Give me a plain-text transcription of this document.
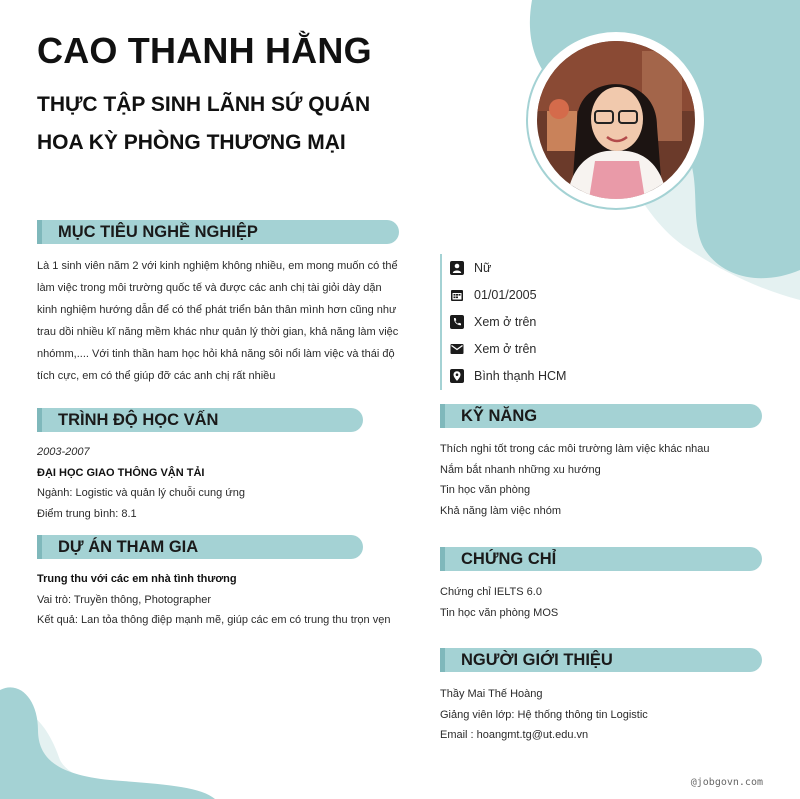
CAO THANH HẰNG
THỰC TẬP SINH LÃNH SỨ QUÁN
HOA KỲ PHÒNG THƯƠNG MẠI
MỤC TIÊU NGHỀ NGHIỆP
Là 1 sinh viên năm 2 với kinh nghiệm không nhiều, em mong muốn có thể
làm việc trong môi trường quốc tế và được các anh chị tài giỏi dày dặn
kinh nghiệm hướng dẫn để có thể phát triển bản thân mình hơn cũng như
trau dồi nhiều kĩ năng mềm khác như quản lý thời gian, khả năng làm việc
nhómm,.... Với tinh thần ham học hỏi khả năng sôi nổi làm việc và thái độ
tích cực, em có thể giúp đỡ các anh chị rất nhiều
TRÌNH ĐỘ HỌC VẤN
2003-2007
ĐẠI HỌC GIAO THÔNG VẬN TẢI
Ngành: Logistic và quản lý chuỗi cung ứng
Điểm trung bình: 8.1
DỰ ÁN THAM GIA
Trung thu với các em nhà tình thương
Vai trò: Truyền thông, Photographer
Kết quả: Lan tỏa thông điệp mạnh mẽ, giúp các em có trung thu trọn vẹn
Nữ
01/01/2005
Xem ở trên
Xem ở trên
Bình thạnh HCM
KỸ NĂNG
Thích nghi tốt trong các môi trường làm việc khác nhau
Nắm bắt nhanh những xu hướng
Tin học văn phòng
Khả năng làm việc nhóm
CHỨNG CHỈ
Chứng chỉ IELTS 6.0
Tin học văn phòng MOS
NGƯỜI GIỚI THIỆU
Thầy Mai Thế Hoàng
Giảng viên lớp: Hệ thống thông tin Logistic
Email : hoangmt.tg@ut.edu.vn
@jobgovn.com
